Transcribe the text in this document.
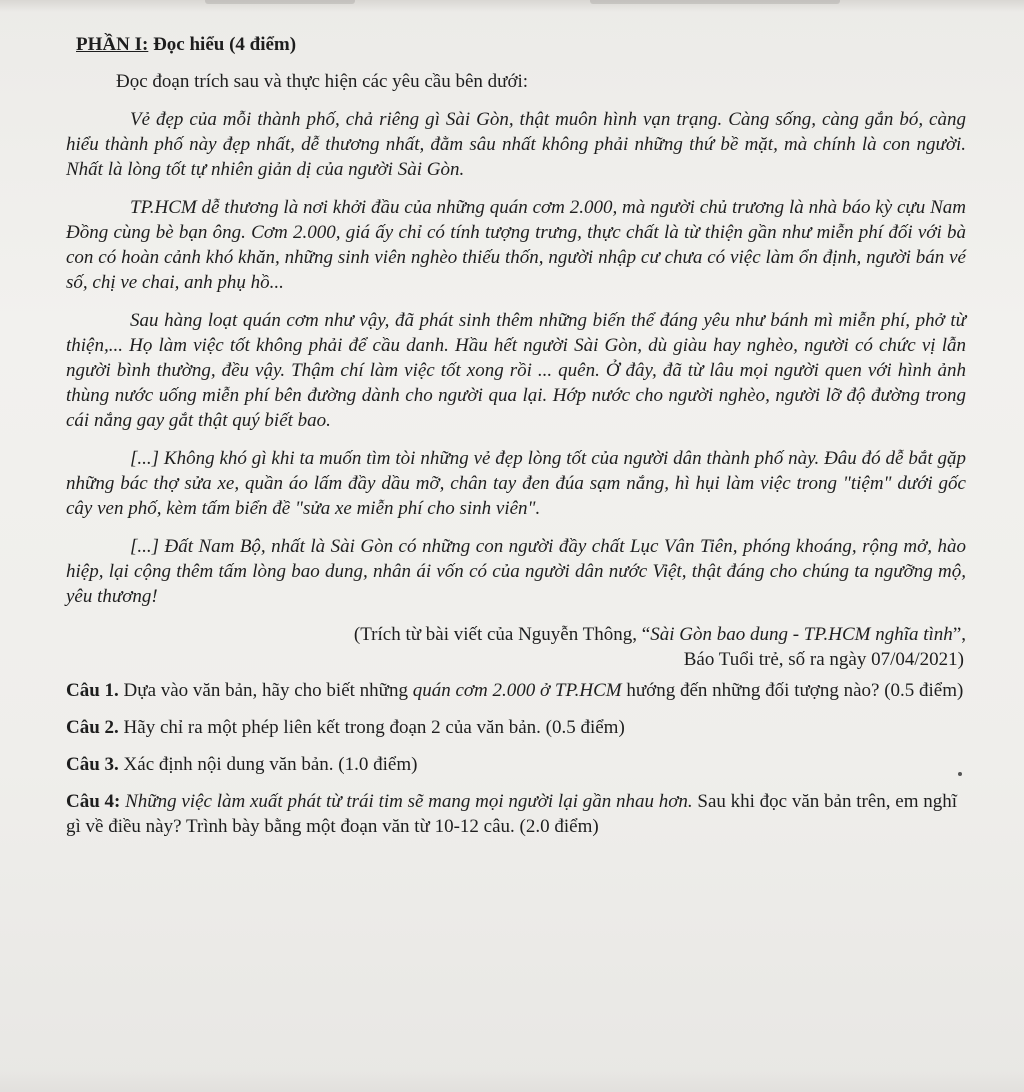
PHẦN I: Đọc hiểu (4 điểm)
Đọc đoạn trích sau và thực hiện các yêu cầu bên dưới:

Vẻ đẹp của mỗi thành phố, chả riêng gì Sài Gòn, thật muôn hình vạn trạng. Càng sống, càng gắn bó, càng hiểu thành phố này đẹp nhất, dễ thương nhất, đằm sâu nhất không phải những thứ bề mặt, mà chính là con người. Nhất là lòng tốt tự nhiên giản dị của người Sài Gòn.

TP.HCM dễ thương là nơi khởi đầu của những quán cơm 2.000, mà người chủ trương là nhà báo kỳ cựu Nam Đồng cùng bè bạn ông. Cơm 2.000, giá ấy chỉ có tính tượng trưng, thực chất là từ thiện gần như miễn phí đối với bà con có hoàn cảnh khó khăn, những sinh viên nghèo thiếu thốn, người nhập cư chưa có việc làm ổn định, người bán vé số, chị ve chai, anh phụ hồ...

Sau hàng loạt quán cơm như vậy, đã phát sinh thêm những biến thể đáng yêu như bánh mì miễn phí, phở từ thiện,... Họ làm việc tốt không phải để cầu danh. Hầu hết người Sài Gòn, dù giàu hay nghèo, người có chức vị lẫn người bình thường, đều vậy. Thậm chí làm việc tốt xong rồi ... quên. Ở đây, đã từ lâu mọi người quen với hình ảnh thùng nước uống miễn phí bên đường dành cho người qua lại. Hớp nước cho người nghèo, người lỡ độ đường trong cái nắng gay gắt thật quý biết bao.

[...] Không khó gì khi ta muốn tìm tòi những vẻ đẹp lòng tốt của người dân thành phố này. Đâu đó dễ bắt gặp những bác thợ sửa xe, quần áo lấm đầy dầu mỡ, chân tay đen đúa sạm nắng, hì hụi làm việc trong "tiệm" dưới gốc cây ven phố, kèm tấm biển đề "sửa xe miễn phí cho sinh viên".

[...] Đất Nam Bộ, nhất là Sài Gòn có những con người đầy chất Lục Vân Tiên, phóng khoáng, rộng mở, hào hiệp, lại cộng thêm tấm lòng bao dung, nhân ái vốn có của người dân nước Việt, thật đáng cho chúng ta ngưỡng mộ, yêu thương!

(Trích từ bài viết của Nguyễn Thông, “Sài Gòn bao dung - TP.HCM nghĩa tình”,
Báo Tuổi trẻ, số ra ngày 07/04/2021)
Câu 1. Dựa vào văn bản, hãy cho biết những quán cơm 2.000 ở TP.HCM hướng đến những đối tượng nào? (0.5 điểm)
Câu 2. Hãy chỉ ra một phép liên kết trong đoạn 2 của văn bản. (0.5 điểm)
Câu 3. Xác định nội dung văn bản. (1.0 điểm)
Câu 4: Những việc làm xuất phát từ trái tim sẽ mang mọi người lại gần nhau hơn. Sau khi đọc văn bản trên, em nghĩ gì về điều này? Trình bày bằng một đoạn văn từ 10-12 câu. (2.0 điểm)
